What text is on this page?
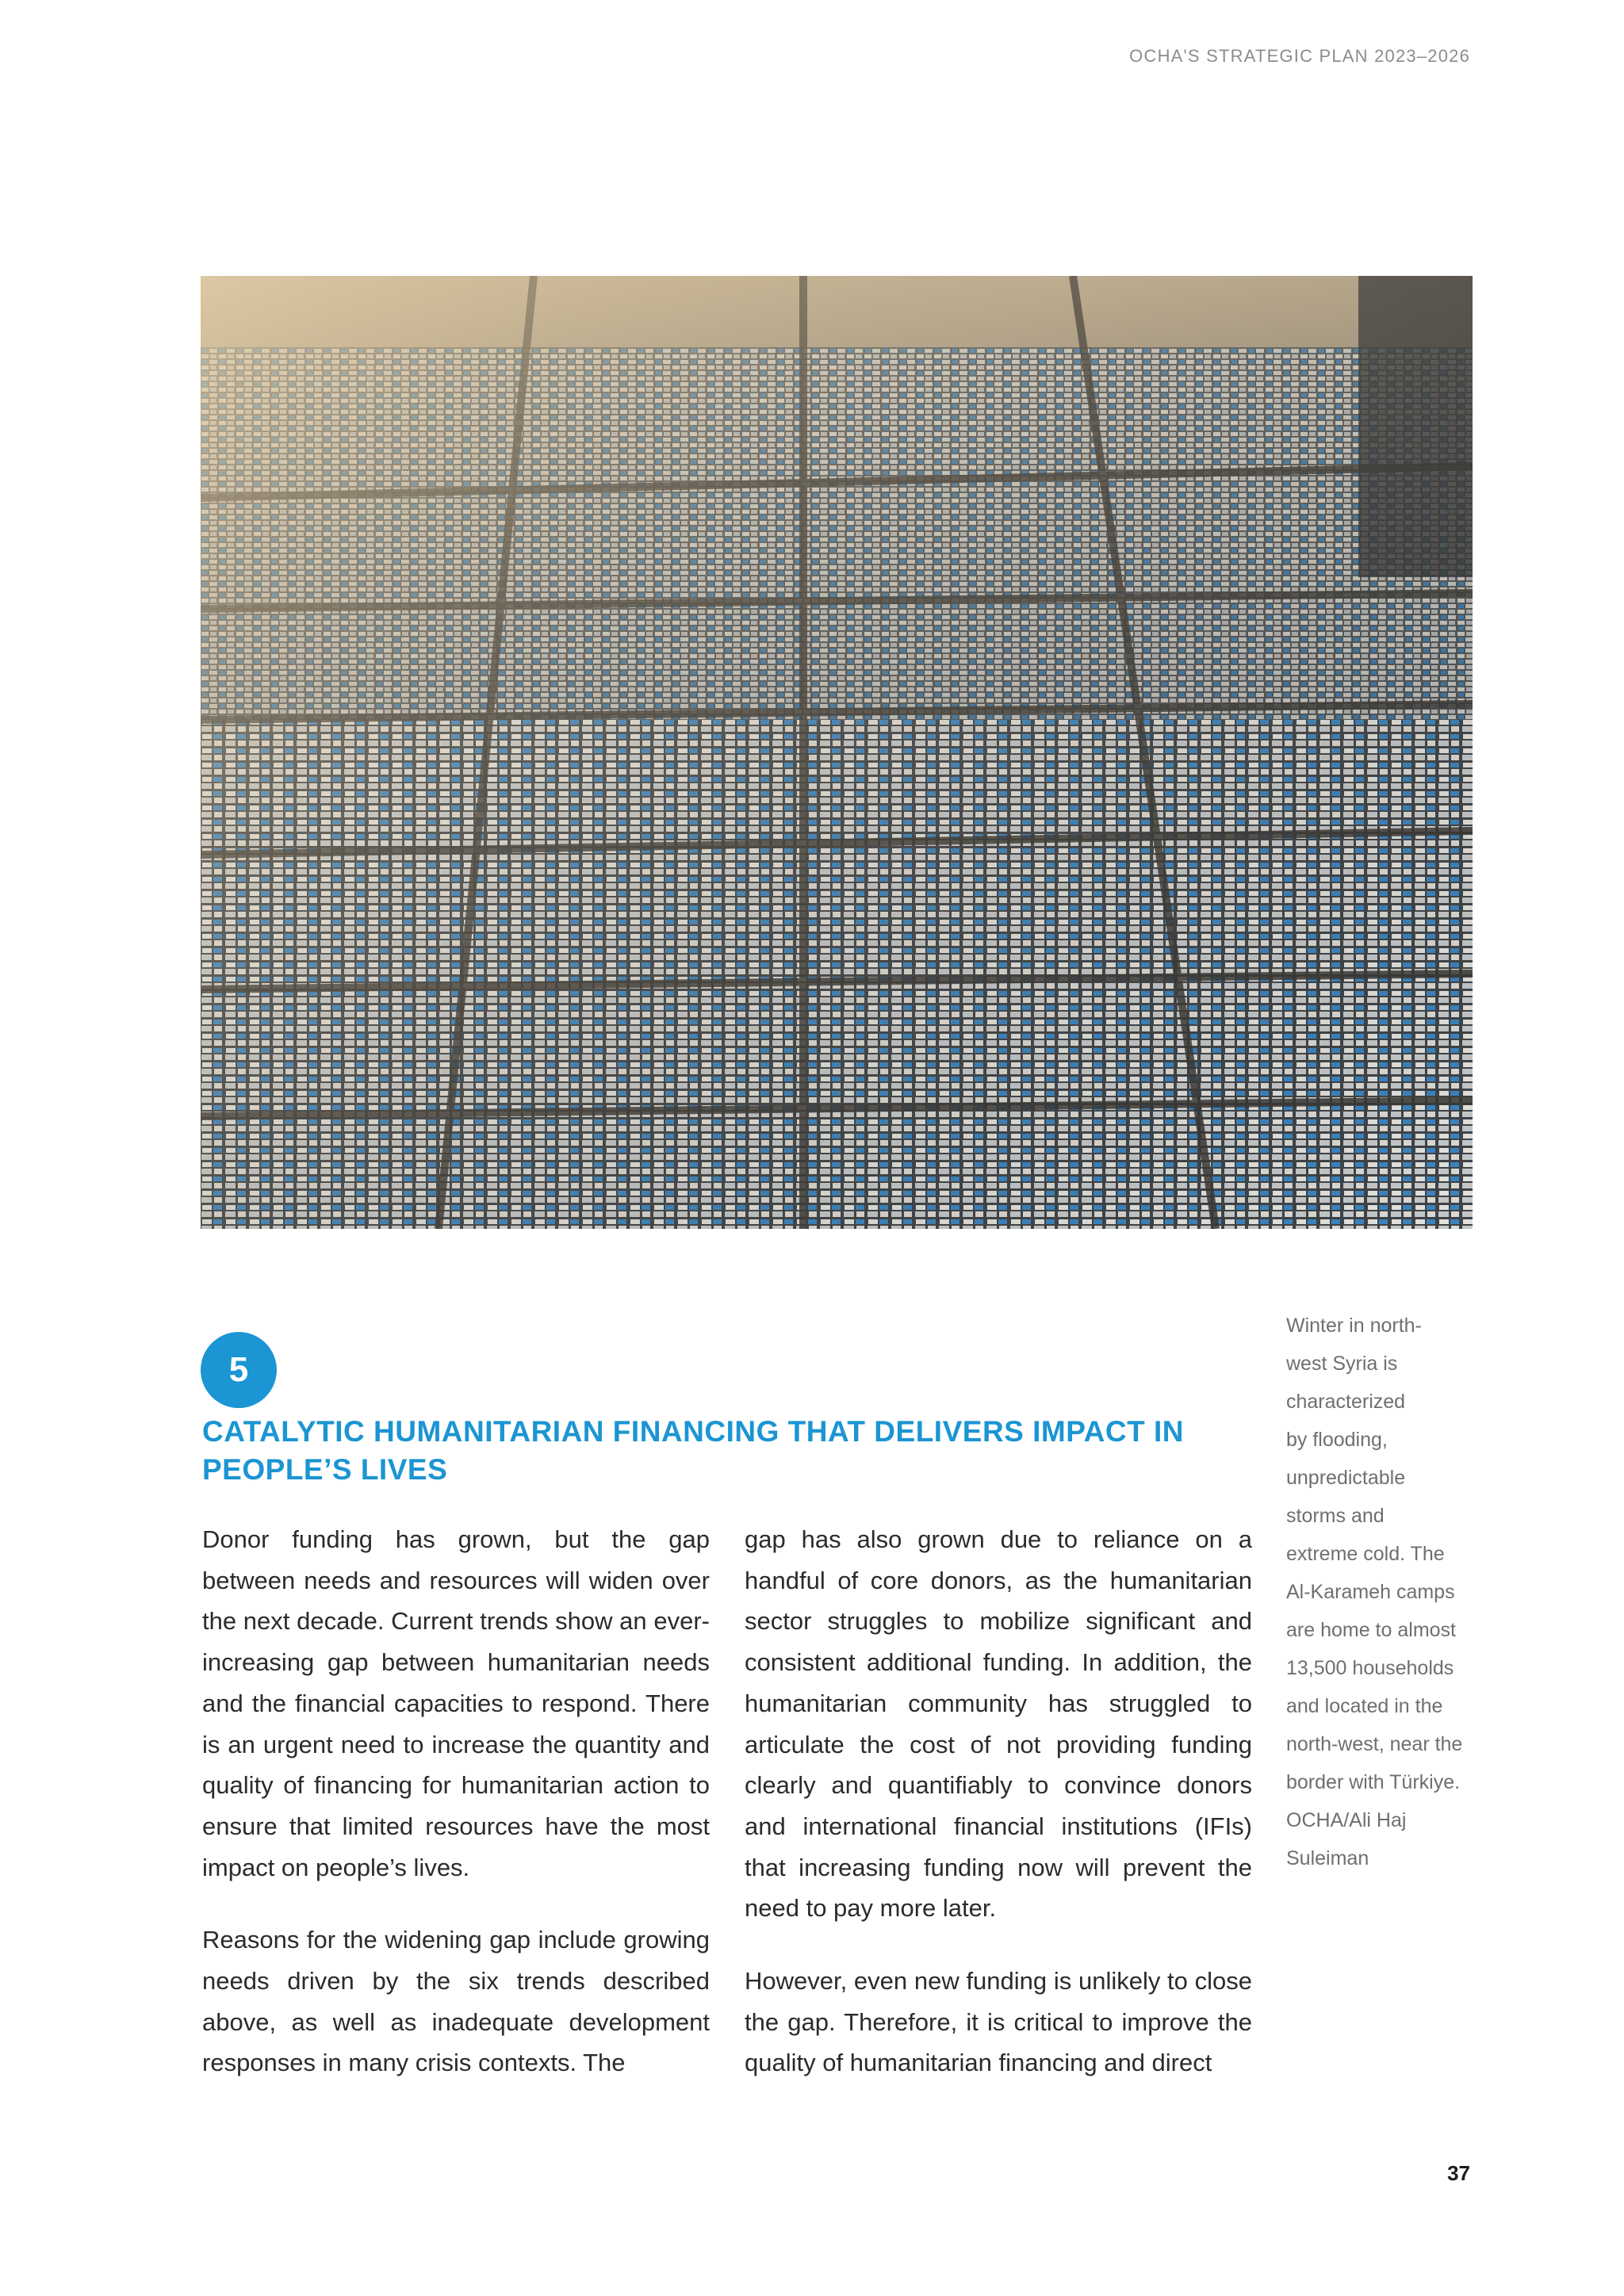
OCHA'S STRATEGIC PLAN 2023–2026

Winter in north-

west Syria is

characterized

by flooding,

unpredictable

storms and

extreme cold. The

Al-Karameh camps

are home to almost

13,500 households

and located in the

north-west, near the

border with Türkiye.

OCHA/Ali Haj

Suleiman

5
CATALYTIC HUMANITARIAN FINANCING THAT DELIVERS IMPACT IN PEOPLE’S LIVES

Donor funding has grown, but the gap between needs and resources will widen over the next decade. Current trends show an ever-increasing gap between humanitarian needs and the financial capacities to respond. There is an urgent need to increase the quantity and quality of financing for humanitarian action to ensure that limited resources have the most impact on people’s lives.

Reasons for the widening gap include growing needs driven by the six trends described above, as well as inadequate development responses in many crisis contexts. The

gap has also grown due to reliance on a handful of core donors, as the humanitarian sector struggles to mobilize significant and consistent additional funding. In addition, the humanitarian community has struggled to articulate the cost of not providing funding clearly and quantifiably to convince donors and international financial institutions (IFIs) that increasing funding now will prevent the need to pay more later.

However, even new funding is unlikely to close the gap. Therefore, it is critical to improve the quality of humanitarian financing and direct

37
